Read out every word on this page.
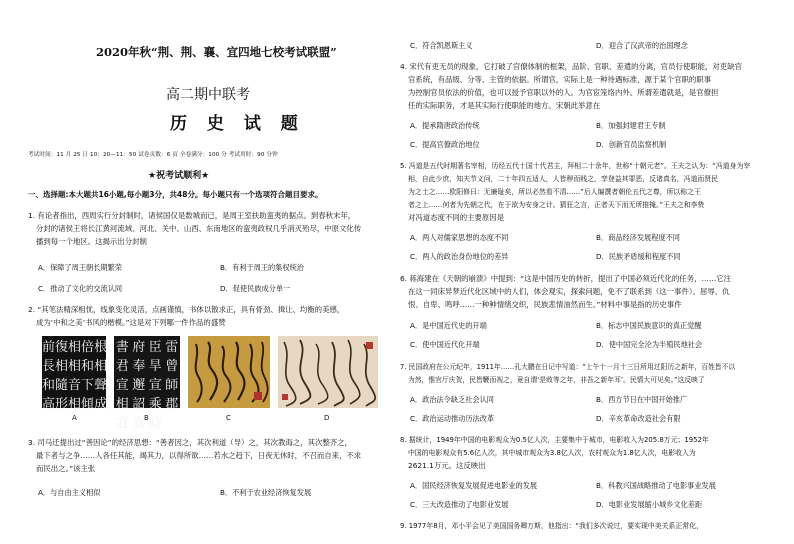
2020年秋“荆、荆、襄、宜四地七校考试联盟”
高二期中联考
历 史 试 题
考试时间：11 月 25 日 10：20—11：50 试卷页数：6 页 全卷满分：100 分 考试用时：90 分钟
★祝考试顺利★
一、选择题:本大题共16小题,每小题3分，共48分。每小题只有一个选项符合题目要求。
1. 有论者指出，西周实行分封制时，诸侯国仅是数城而已，是周王室扶助蛮夷的据点。到春秋末年，
分封的诸侯王将长江黄河流域、河北、关中、山西、东南地区的蛮夷政权几乎消灭殆尽，中原文化传
播到每一个地区。这揭示出分封制
A．保障了周王朝长期繁荣	B．有利于周王的集权统治
C．推动了文化的交流认同	D．促使民族成分单一
2. “其笔法精深相忧，线象变化灵活，点画谨慎，书体以散求正，具有骨劲、揖让、均衡的美感，
成为‘中和之美’书风的楷模。”这是对下列哪一件作品的盛赞
前 復 相 倍 根
長 相 相 和 相
和 隨 音 下 聲
高 形 相 傾 成
書 府 臣 雷
君 奉 旱 曾
宣 邂 宣 師
相 詔 乘 郡
寇 巽 時
A	B	C	D
3. 司马迁提出过“善因论”的经济思想：“善者因之，其次利道（导）之，其次教诲之，其次整齐之，
最下者与之争……人各任其能，竭其力，以得所欲……若水之趋下，日夜无休时，不召而自来，不求
而民出之。”该主张
A．与自由主义相似	B．不利于农业经济恢复发展
C．符合凯恩斯主义	D．迎合了汉武帝的治国理念
4. 宋代有吏无员的现象，它打破了官僚体制的框架，品阶、官职、差遣的分离，官员行使职能，对吏缺官
官系统，有品级、分等、主管的依据。所谓官，实际上是一种待遇标准，源于某个官职的职事
为控制官员依法的价值，也可以授予官职以外的人。为官宦笼络内外。所谓差遣就是，是官僚担
任的实际职务，才是其实际行使职能的地方。宋朝此举意在
A．提承隋唐政治传统	B．加强封建君王专制
C．提高官僚政治地位	D．创新官员监察机制
5. 冯道是五代时期著名宰相，历经五代十国十代君主，拜相二十余年，世称“十朝元老”。王夫之认为：“冯道身为宰
相，自此少庶，知夫节义问，二十年四五适人，人皆秽而贱之，孪登益其罪恶，反诸真名，冯道而贤民
为之士之……欧阳修曰：无廉耻矣，所以必然看不清……”后人编撰者朝伦五代之尊，所以称之王
者之上……何者为先朝之代，在于欲为安身之计。猜狂之言，正者天下而无所推掩。”王夫之和李贽
对冯道态度不同的主要原因是
A．两人对儒家思想的态度不同	B．商品经济发展程度不同
C．两人的政治身份地位的差异	D．民族矛盾缓和程度不同
6. 蒋海建在《天朝的崩溃》中提到：“这是中国历史的转折，提出了中国必须近代化的任务，……它注
在这一同床异梦近代化区域中的人们，体会观实，探索问题，免不了联系到（这一事件）。屈辱、仇
恨、自卑、鸣呼……一种种情绪交织，民族悲情油然而生。”材料中事是指的历史事件
A．是中国近代史的开端	B．标志中国民族意识的真正觉醒
C．使中国近代化开端	D．使中国完全沦为半殖民地社会
7. 民国政府在公元纪年，1911年……孔大鹏在日记中写道：“上午十一月十三日所用过阳历之新年，百姓皆不以
为然，惟官厅庆贺，民皆鞭而视之，竟自谓‘是败等之年，非吾之新年耳’。民情大可见矣。”这反映了
A．政治法令缺乏社会认同	B．西方节日在中国开始推广
C．政治运动推动历法改革	D．辛亥革命改造社会有限
8. 据统计，1949年中国的电影观众为0.5亿人次，主要集中于城市，电影收入为205.8万元；1952年
中国的电影观众有5.6亿人次，其中城市观众为3.8亿人次，农村观众为1.8亿人次，电影收入为
2621.1万元。这反映出
A．国民经济恢复发展促进电影业的发展	B．科教兴国战略推动了电影事业发展
C．三大改造推动了电影业发展	D．电影业发展缩小城乡文化差距
9. 1977年8月，邓小平会见了美国国务卿万斯，他指出：“我们多次说过，要实现中美关系正常化，
